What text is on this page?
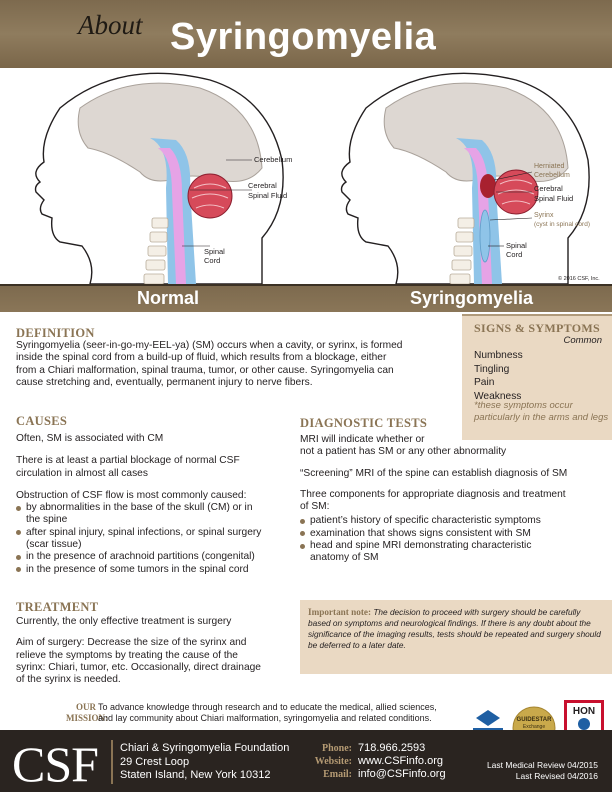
About Syringomyelia
Cerebellum
Cerebral
Spinal Fluid
Spinal
Cord
Herniated
Cerebellum
Cerebral
Spinal Fluid
Syrinx
(cyst in spinal cord)
Spinal
Cord
© 2016 CSF, Inc.
Normal	Syringomyelia
DEFINITION
Syringomyelia (seer-in-go-my-EEL-ya) (SM) occurs when a cavity, or syrinx, is formed
inside the spinal cord from a build-up of fluid, which results from a blockage, either
from a Chiari malformation, spinal trauma, tumor, or other cause. Syringomyelia can
cause stretching and, eventually, permanent injury to nerve fibers.
SIGNS & SYMPTOMS
Common
Numbness
Tingling
Pain
Weakness
*these symptoms occur particularly in the arms and legs
CAUSES
Often, SM is associated with CM
There is at least a partial blockage of normal CSF
circulation in almost all cases
Obstruction of CSF flow is most commonly caused:
by abnormalities in the base of the skull (CM) or in
the spine
after spinal injury, spinal infections, or spinal surgery
(scar tissue)
in the presence of arachnoid partitions (congenital)
in the presence of some tumors in the spinal cord
DIAGNOSTIC TESTS
MRI will indicate whether or
not a patient has SM or any other abnormality
“Screening” MRI of the spine can establish diagnosis of SM
Three components for appropriate diagnosis and treatment
of SM:
patient’s history of specific characteristic symptoms
examination that shows signs consistent with SM
head and spine MRI demonstrating characteristic
anatomy of SM
TREATMENT
Currently, the only effective treatment is surgery
Aim of surgery: Decrease the size of the syrinx and
relieve the symptoms by treating the cause of the
syrinx: Chiari, tumor, etc. Occasionally, direct drainage
of the syrinx is needed.

Important note: The decision to proceed with surgery should be carefully based on symptoms and neurological findings. If there is any doubt about the significance of the imaging results, tests should be repeated and surgery should be deferred to a later date.

OUR
MISSION:
To advance knowledge through research and to educate the medical, allied sciences,
and lay community about Chiari malformation, syringomyelia and related conditions.	GUIDESTAR
Exchange
HON
CSF Chiari & Syringomyelia Foundation
29 Crest Loop
Staten Island, New York 10312
Phone: 718.966.2593
Website: www.CSFinfo.org
Email: info@CSFinfo.org
Last Medical Review 04/2015
Last Revised 04/2016
